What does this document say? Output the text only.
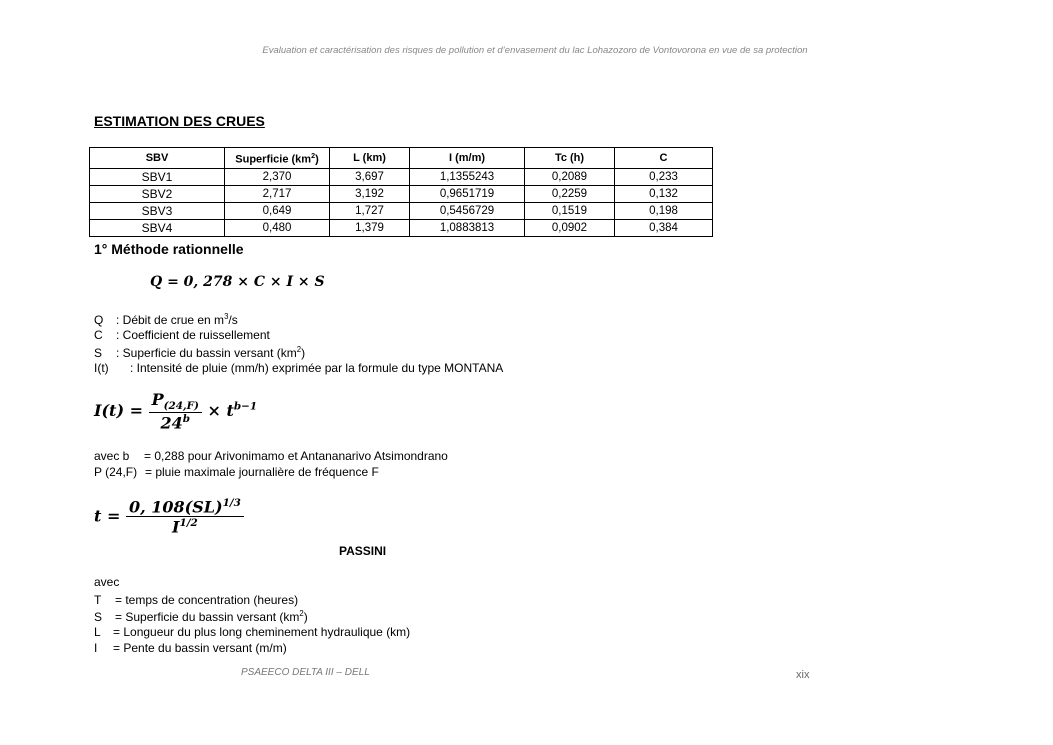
Evaluation et caractérisation des risques de pollution et d’envasement du lac Lohazozoro de Vontovorona en vue de sa protection
ESTIMATION DES CRUES
SBV	Superficie $(km^2)$	L (km)	I (m/m)	Tc (h)	C
SBV1	2,370	3,697	1,1355243	0,2089	0,233
SBV2	2,717	3,192	0,9651719	0,2259	0,132
SBV3	0,649	1,727	0,5456729	0,1519	0,198
SBV4	0,480	1,379	1,0883813	0,0902	0,384
1° Méthode rationnelle
Q = 0, 278 × C × I × S
Q : Débit de crue en $m^3/s$
C : Coefficient de ruissellement
S : Superficie du bassin versant $(km^2)$
I(t) : Intensité de pluie (mm/h) exprimée par la formule du type MONTANA
$I(t) = \frac{P_{(24,F)}}{24^b} \times t^{b-1}$
avec b = 0,288 pour Arivonimamo et Antananarivo Atsimondrano
P (24,F) = pluie maximale journalière de fréquence F
$t = \frac{0, 108(SL)^{1/3}}{I^{1/2}}$
PASSINI
avec
T = temps de concentration (heures)
S = Superficie du bassin versant $(km^2)$
L = Longueur du plus long cheminement hydraulique (km)
I = Pente du bassin versant (m/m)
PSAEECO DELTA III – DELL	xix
